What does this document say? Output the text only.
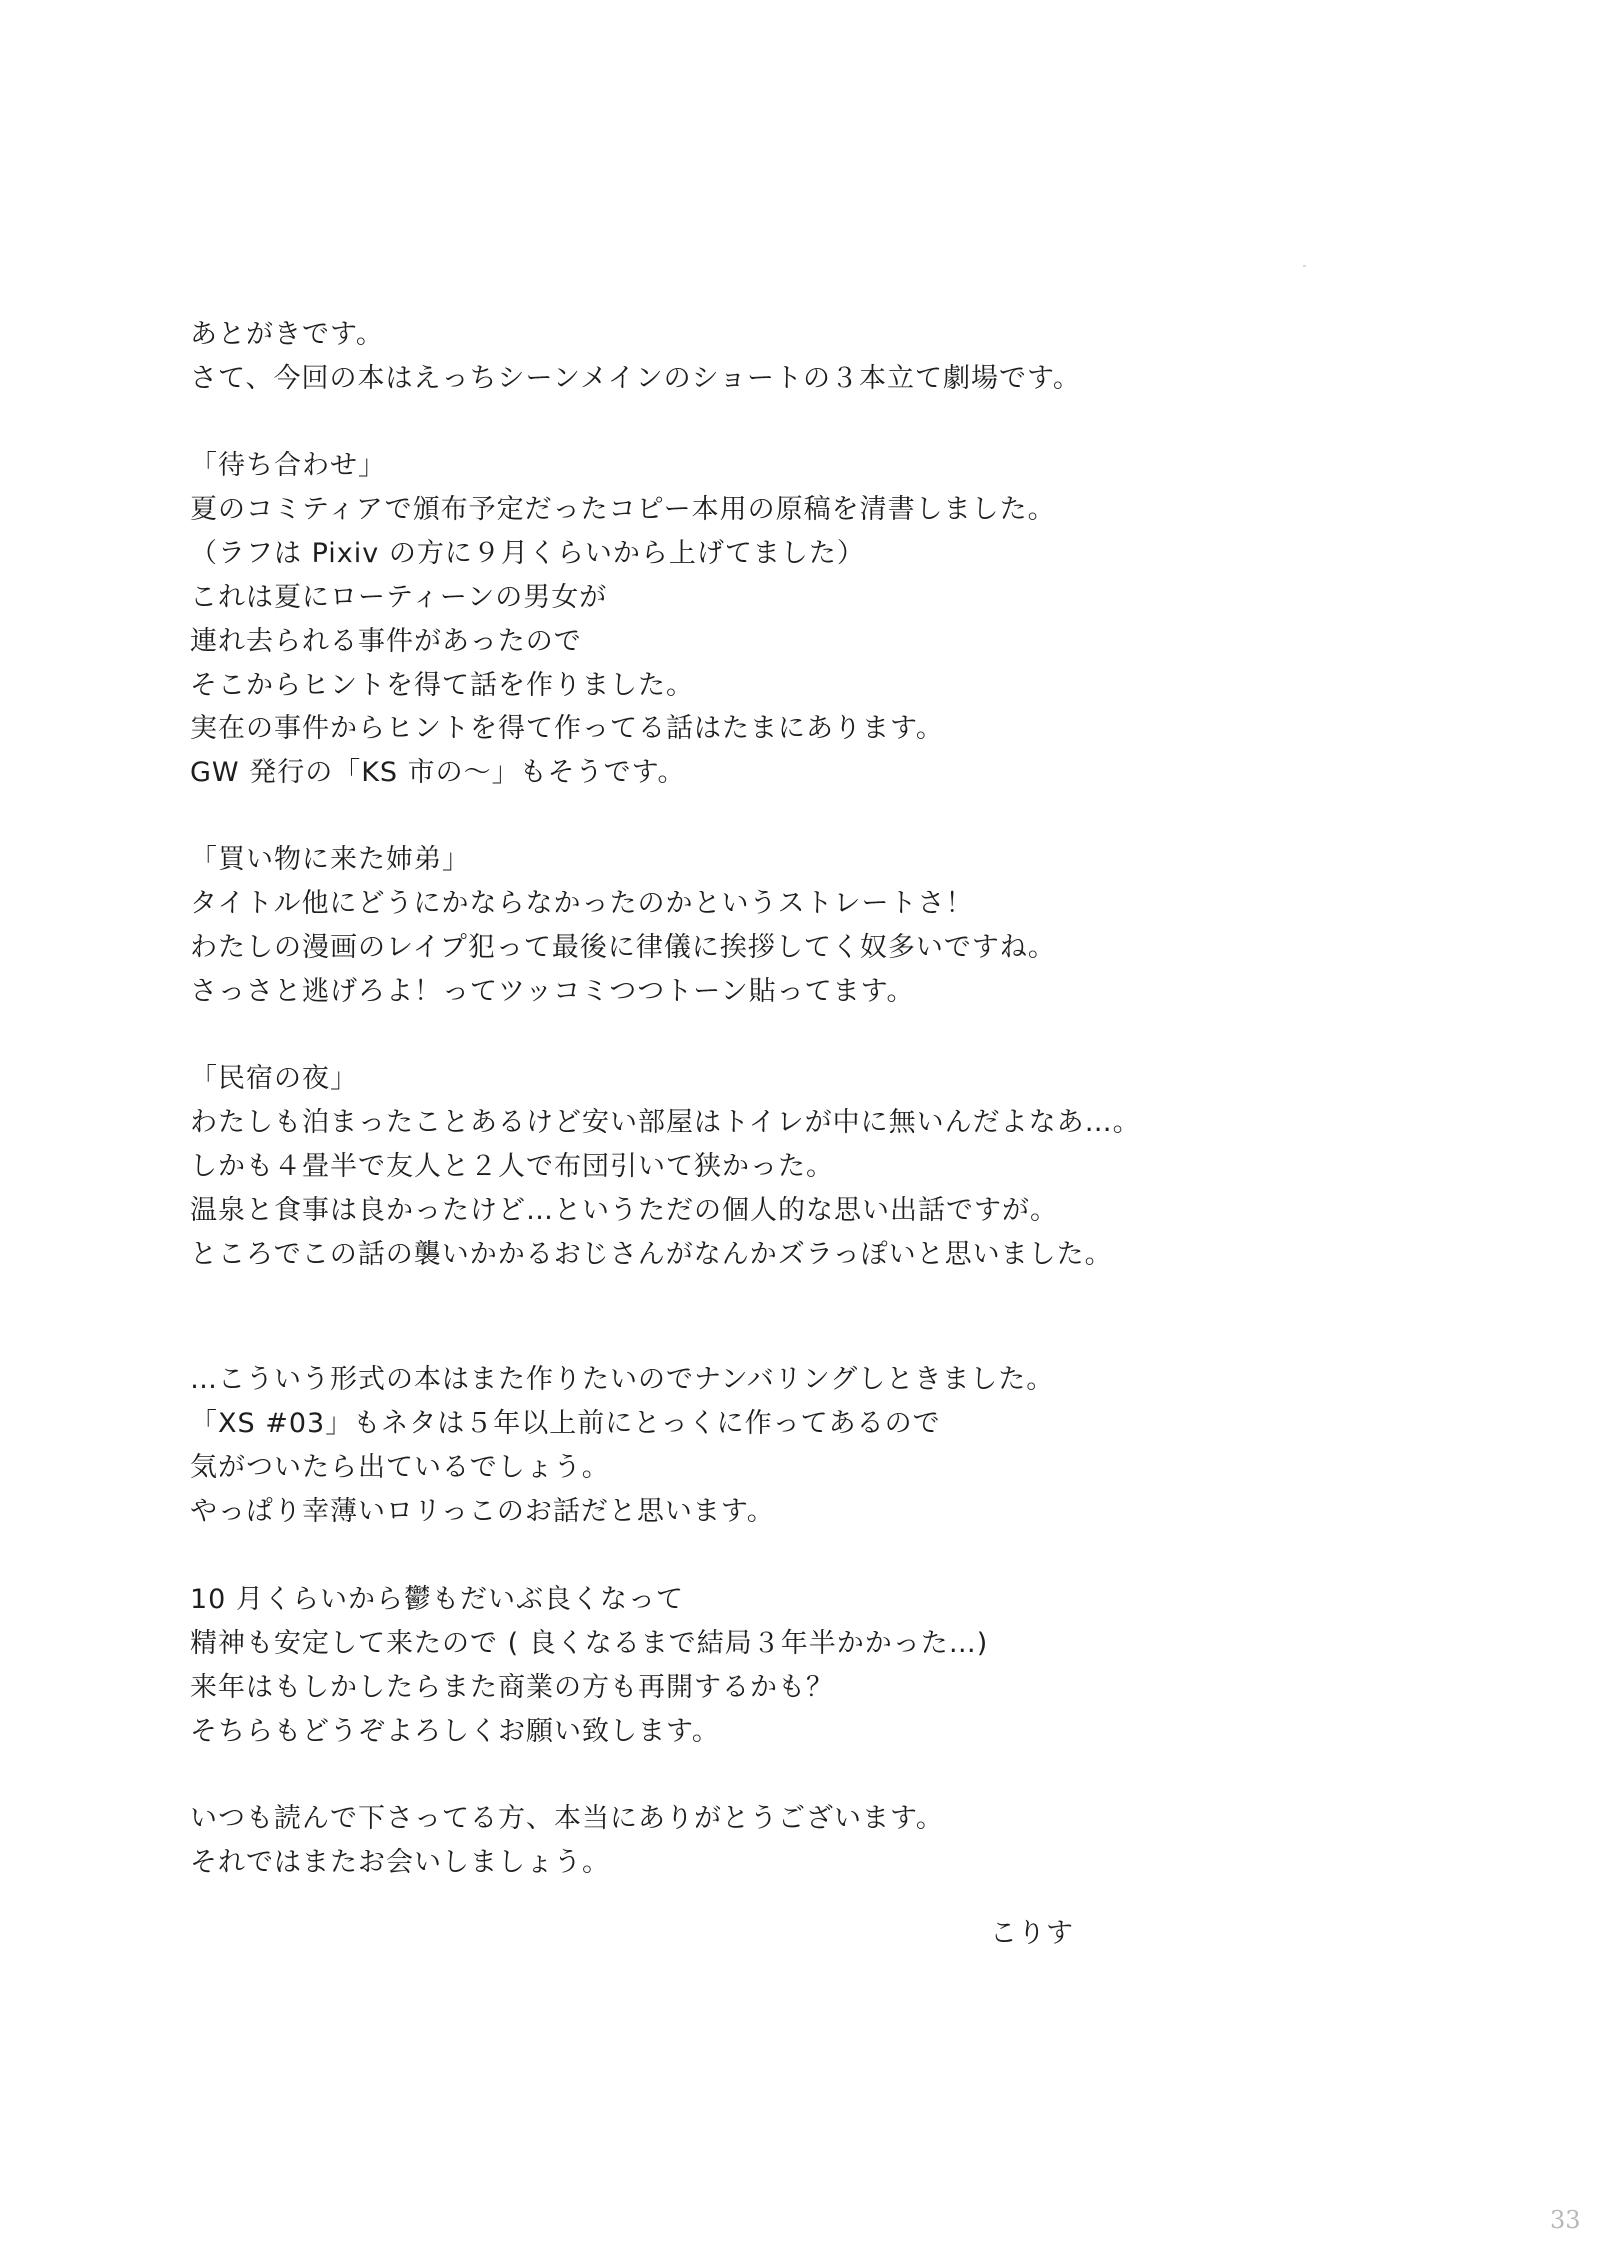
あとがきです。
さて、今回の本はえっちシーンメインのショートの３本立て劇場です。
「待ち合わせ」
夏のコミティアで頒布予定だったコピー本用の原稿を清書しました。
（ラフは Pixiv の方に９月くらいから上げてました）
これは夏にローティーンの男女が
連れ去られる事件があったので
そこからヒントを得て話を作りました。
実在の事件からヒントを得て作ってる話はたまにあります。
GW 発行の「KS 市の〜」もそうです。
「買い物に来た姉弟」
タイトル他にどうにかならなかったのかというストレートさ！
わたしの漫画のレイプ犯って最後に律儀に挨拶してく奴多いですね。
さっさと逃げろよ！ってツッコミつつトーン貼ってます。
「民宿の夜」
わたしも泊まったことあるけど安い部屋はトイレが中に無いんだよなあ…。
しかも４畳半で友人と２人で布団引いて狭かった。
温泉と食事は良かったけど…というただの個人的な思い出話ですが。
ところでこの話の襲いかかるおじさんがなんかズラっぽいと思いました。
…こういう形式の本はまた作りたいのでナンバリングしときました。
「XS #03」もネタは５年以上前にとっくに作ってあるので
気がついたら出ているでしょう。
やっぱり幸薄いロリっこのお話だと思います。
10 月くらいから鬱もだいぶ良くなって
精神も安定して来たので ( 良くなるまで結局３年半かかった…)
来年はもしかしたらまた商業の方も再開するかも？
そちらもどうぞよろしくお願い致します。
いつも読んで下さってる方、本当にありがとうございます。
それではまたお会いしましょう。
こりす
33
